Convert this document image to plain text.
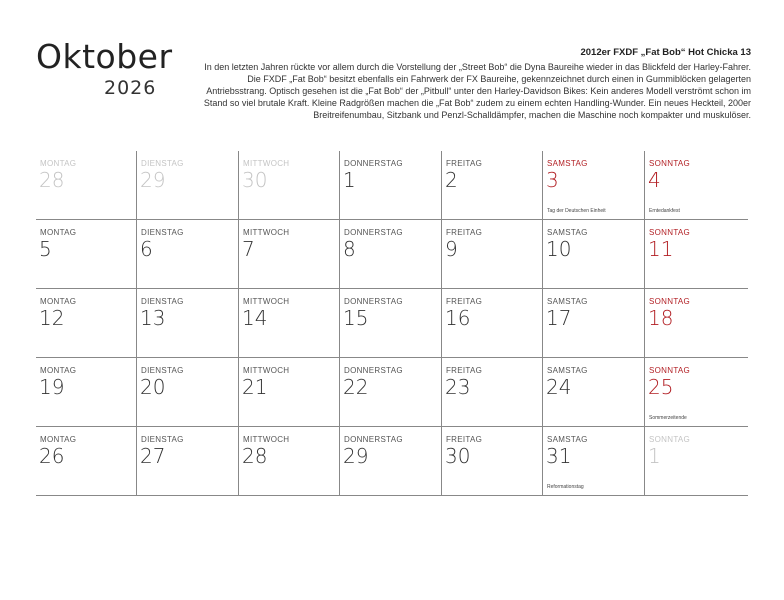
Oktober
2026
2012er FXDF „Fat Bob“ Hot Chicka 13
In den letzten Jahren rückte vor allem durch die Vorstellung der „Street Bob“ die Dyna Baureihe wieder in das Blickfeld der Harley-Fahrer. Die FXDF „Fat Bob“ besitzt ebenfalls ein Fahrwerk der FX Baureihe, gekennzeichnet durch einen in Gummiblöcken gelagerten Antriebsstrang. Optisch gesehen ist die „Fat Bob“ der „Pitbull“ unter den Harley-Davidson Bikes: Kein anderes Modell verströmt schon im Stand so viel brutale Kraft. Kleine Radgrößen machen die „Fat Bob“ zudem zu einem echten Handling-Wunder. Ein neues Heckteil, 200er Breitreifenumbau, Sitzbank und Penzl-Schalldämpfer, machen die Maschine noch kompakter und muskulöser.
MONTAG
28
DIENSTAG
29
MITTWOCH
30
DONNERSTAG
1
FREITAG
2
SAMSTAG
3
Tag der Deutschen Einheit
SONNTAG
4
Erntedankfest
MONTAG
5
DIENSTAG
6
MITTWOCH
7
DONNERSTAG
8
FREITAG
9
SAMSTAG
10
SONNTAG
11
MONTAG
12
DIENSTAG
13
MITTWOCH
14
DONNERSTAG
15
FREITAG
16
SAMSTAG
17
SONNTAG
18
MONTAG
19
DIENSTAG
20
MITTWOCH
21
DONNERSTAG
22
FREITAG
23
SAMSTAG
24
SONNTAG
25
Sommerzeitende
MONTAG
26
DIENSTAG
27
MITTWOCH
28
DONNERSTAG
29
FREITAG
30
SAMSTAG
31
Reformationstag
SONNTAG
1
